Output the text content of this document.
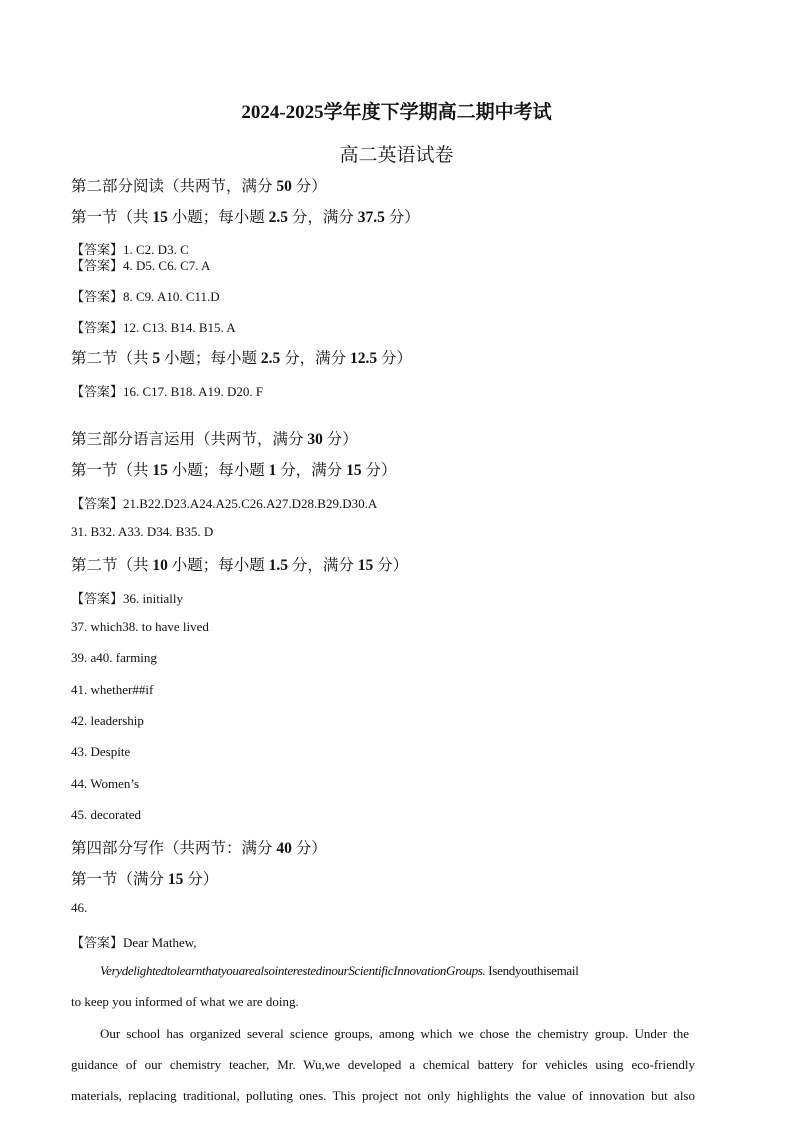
2024-2025学年度下学期高二期中考试
高二英语试卷
第二部分阅读（共两节，满分 50 分）
第一节（共 15 小题；每小题 2.5 分，满分 37.5 分）
【答案】1. C2. D3. C
【答案】4. D5. C6. C7. A
【答案】8. C9. A10. C11.D
【答案】12. C13. B14. B15. A
第二节（共 5 小题；每小题 2.5 分，满分 12.5 分）
【答案】16. C17. B18. A19. D20. F
第三部分语言运用（共两节，满分 30 分）
第一节（共 15 小题；每小题 1 分，满分 15 分）
【答案】21.B22.D23.A24.A25.C26.A27.D28.B29.D30.A
31. B32. A33. D34. B35. D
第二节（共 10 小题；每小题 1.5 分，满分 15 分）
【答案】36. initially
37. which38. to have lived
39. a40. farming
41. whether##if
42. leadership
43. Despite
44. Women’s
45. decorated
第四部分写作（共两节：满分 40 分）
第一节（满分 15 分）
46.
【答案】Dear Mathew,
VerydelightedtolearnthatyouarealsointerestedinourScientificInnovationGroups. Isendyouthisemail
to keep you informed of what we are doing.
Our school has organized several science groups, among which we chose the chemistry group. Under the
guidance of our chemistry teacher, Mr. Wu,we developed a chemical battery for vehicles using eco-friendly
materials, replacing traditional, polluting ones. This project not only highlights the value of innovation but also
